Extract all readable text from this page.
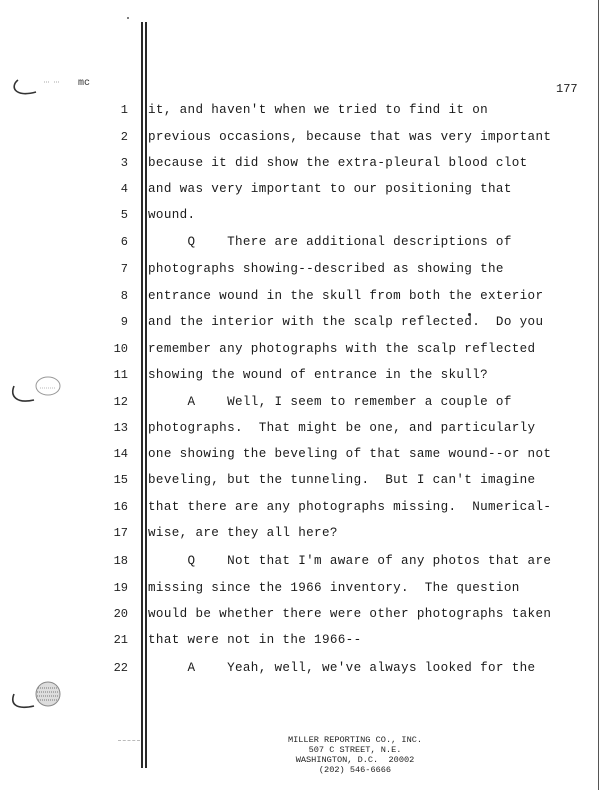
mc	177
1 it, and haven't when we tried to find it on
2 previous occasions, because that was very important
3 because it did show the extra-pleural blood clot
4 and was very important to our positioning that
5 wound.
6 Q    There are additional descriptions of
7 photographs showing--described as showing the
8 entrance wound in the skull from both the exterior
9 and the interior with the scalp reflected.  Do you
10 remember any photographs with the scalp reflected
11 showing the wound of entrance in the skull?
12 A    Well, I seem to remember a couple of
13 photographs.  That might be one, and particularly
14 one showing the beveling of that same wound--or not
15 beveling, but the tunneling.  But I can't imagine
16 that there are any photographs missing.  Numerical-
17 wise, are they all here?
18 Q    Not that I'm aware of any photos that are
19 missing since the 1966 inventory.  The question
20 would be whether there were other photographs taken
21 that were not in the 1966--
22 A    Yeah, well, we've always looked for the
MILLER REPORTING CO., INC.
507 C STREET, N.E.
WASHINGTON, D.C.  20002
(202) 546-6666
